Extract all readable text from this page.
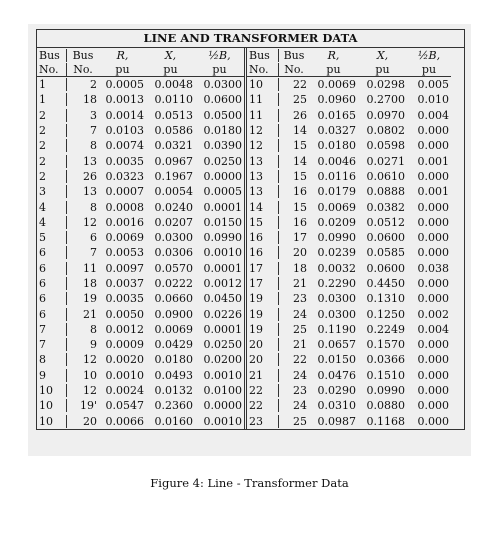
LINE AND TRANSFORMER DATA
Bus	Bus	R,	X,	½B,
No.	No.	pu	pu	pu
1	2 0.0005 0.0048 0.0300
1	18 0.0013 0.0110 0.0600
2	3 0.0014 0.0513 0.0500
2	7 0.0103 0.0586 0.0180
2	8 0.0074 0.0321 0.0390
2	13 0.0035 0.0967 0.0250
2	26 0.0323 0.1967 0.0000
3	13 0.0007 0.0054 0.0005
4	8 0.0008 0.0240 0.0001
4	12 0.0016 0.0207 0.0150
5	6 0.0069 0.0300 0.0990
6	7 0.0053 0.0306 0.0010
6	11 0.0097 0.0570 0.0001
6	18 0.0037 0.0222 0.0012
6	19 0.0035 0.0660 0.0450
6	21 0.0050 0.0900 0.0226
7	8 0.0012 0.0069 0.0001
7	9 0.0009 0.0429 0.0250
8	12 0.0020 0.0180 0.0200
9	10 0.0010 0.0493 0.0010
10	12 0.0024 0.0132 0.0100
10	19' 0.0547 0.2360 0.0000
10	20 0.0066 0.0160 0.0010
Bus	Bus	R,	X,	½B,
No.	No.	pu	pu	pu
10	22 0.0069 0.0298	0.005
11	25 0.0960 0.2700	0.010
11	26 0.0165 0.0970	0.004
12	14 0.0327 0.0802	0.000
12	15 0.0180 0.0598	0.000
13	14 0.0046 0.0271	0.001
13	15 0.0116 0.0610	0.000
13	16 0.0179 0.0888	0.001
14	15 0.0069 0.0382	0.000
15	16 0.0209 0.0512	0.000
16	17 0.0990 0.0600	0.000
16	20 0.0239 0.0585	0.000
17	18 0.0032 0.0600	0.038
17	21 0.2290 0.4450	0.000
19	23 0.0300 0.1310	0.000
19	24 0.0300 0.1250	0.002
19	25 0.1190 0.2249	0.004
20	21 0.0657 0.1570	0.000
20	22 0.0150 0.0366	0.000
21	24 0.0476 0.1510	0.000
22	23 0.0290 0.0990	0.000
22	24 0.0310 0.0880	0.000
23	25 0.0987 0.1168	0.000
Figure 4: Line - Transformer Data
